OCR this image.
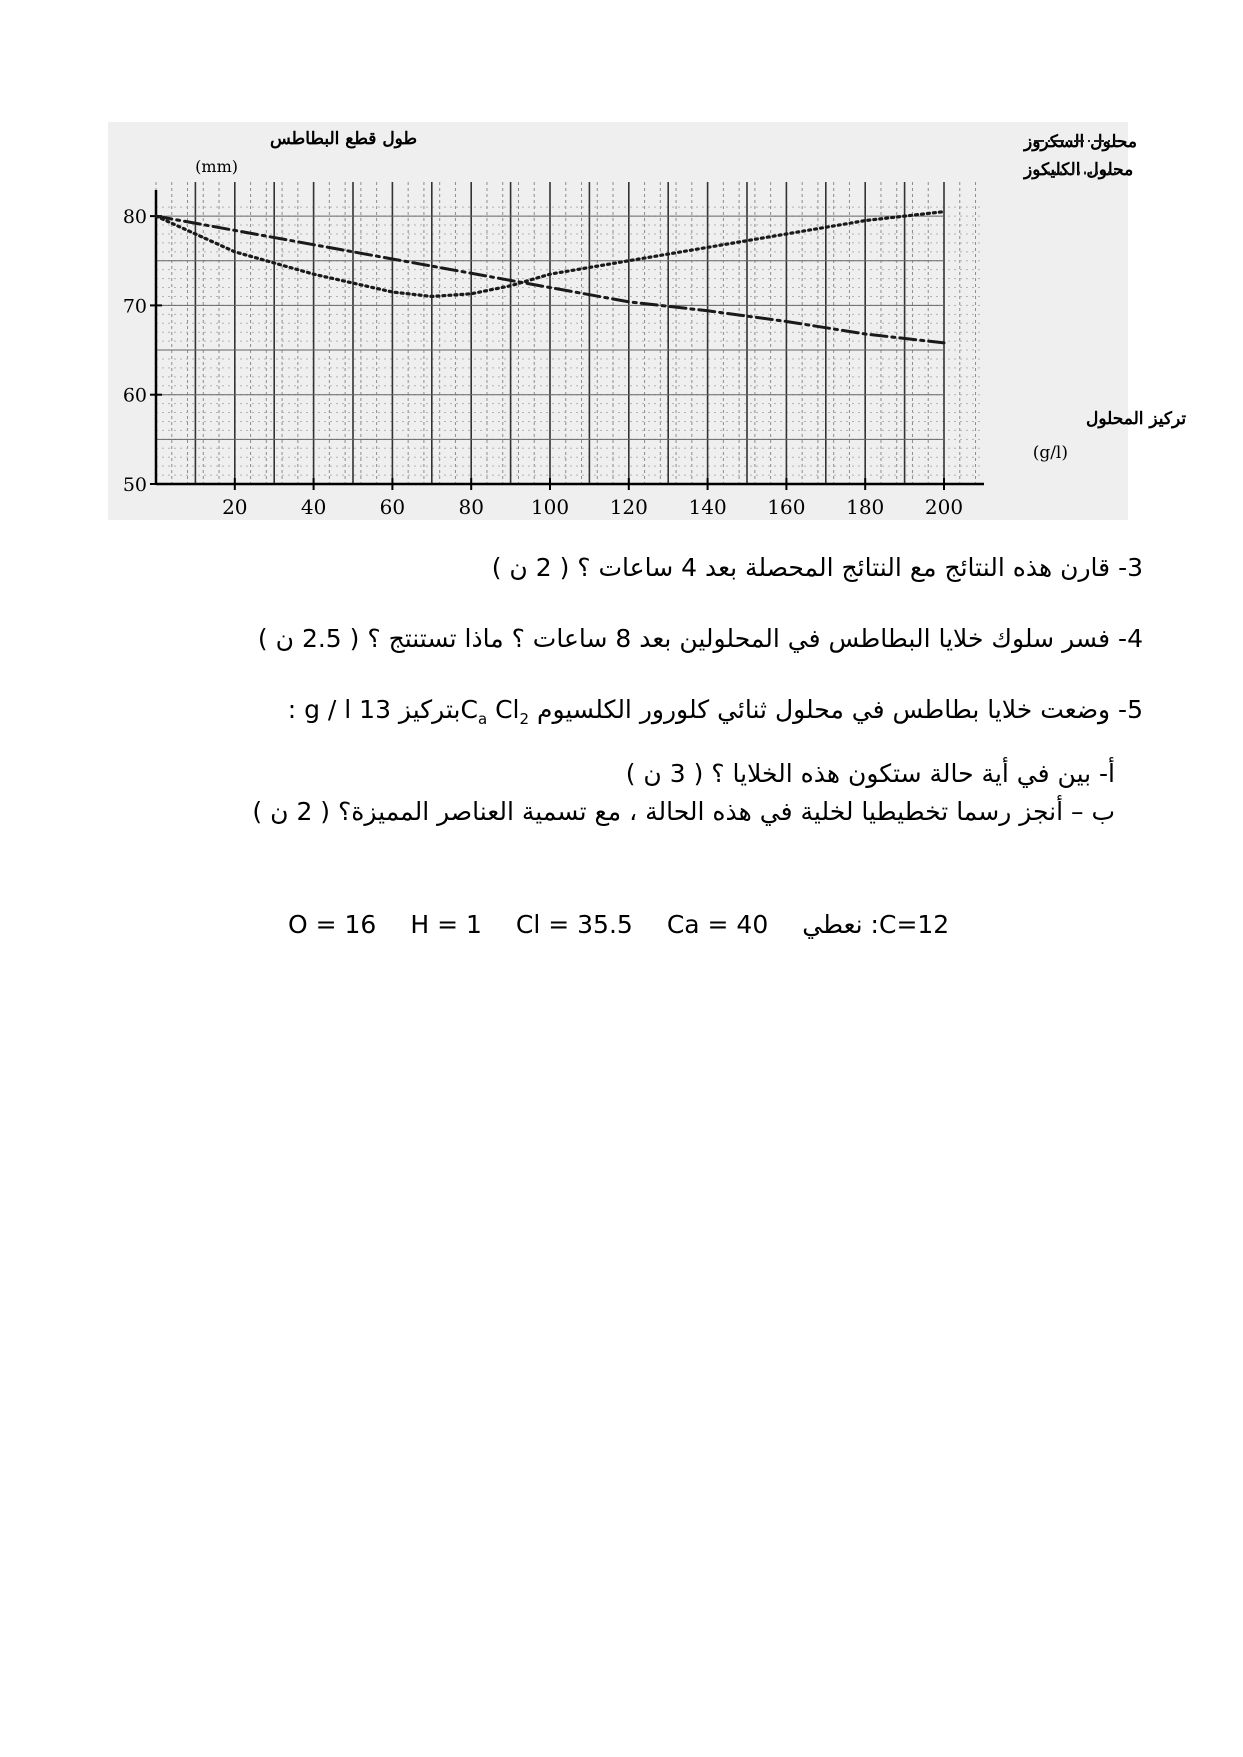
50
60
70
80
20	40	60	80 100 120 140 160 180 200
طول قطع البطاطس
(mm)
تركيز المحلول
(g/l)
محلول السكروز
محلول الكليكوز
3- قارن هذه النتائج مع النتائج المحصلة بعد 4 ساعات ؟ ( 2 ن )
4- فسر سلوك خلايا البطاطس في المحلولين بعد 8 ساعات ؟ ماذا تستنتج ؟ ( 2.5 ن )
5- وضعت خلايا بطاطس في محلول ثنائي كلورور الكلسيوم $C_a$ $Cl_2بتركيز$ 13 g / l :
أ- بين في أية حالة ستكون هذه الخلايا ؟ ( 3 ن )
ب – أنجز رسما تخطيطيا لخلية في هذه الحالة ، مع تسمية العناصر المميزة؟ ( 2 ن )
O = 16 H = 1 Cl = 35.5 Ca = 40 C=12: نعطي
